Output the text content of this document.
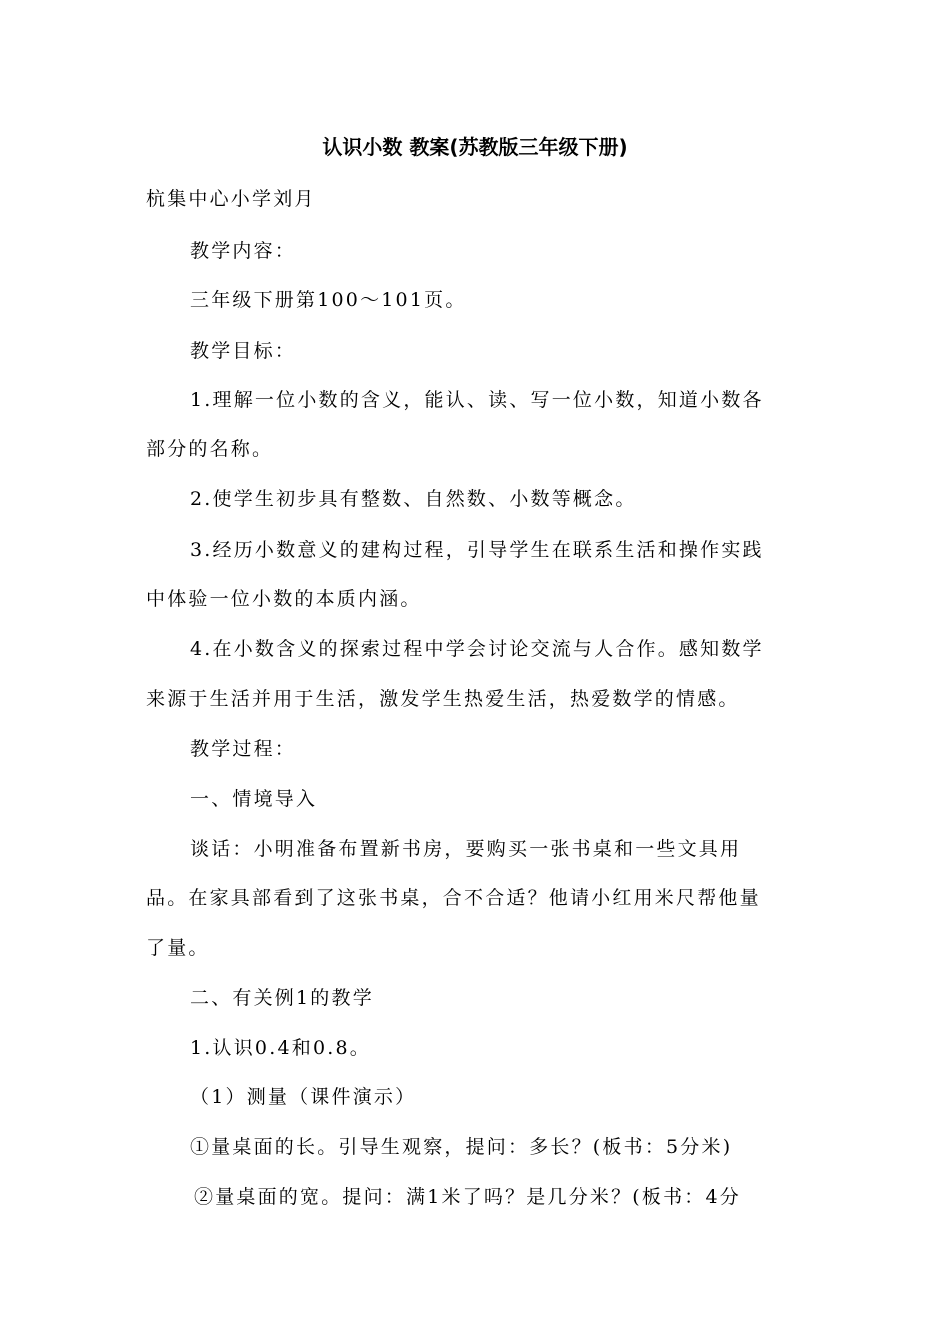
认识小数 教案(苏教版三年级下册)
杭集中心小学刘月
教学内容：
三年级下册第100～101页。
教学目标：
1.理解一位小数的含义，能认、读、写一位小数，知道小数各
部分的名称。
2.使学生初步具有整数、自然数、小数等概念。
3.经历小数意义的建构过程，引导学生在联系生活和操作实践
中体验一位小数的本质内涵。
4.在小数含义的探索过程中学会讨论交流与人合作。感知数学
来源于生活并用于生活，激发学生热爱生活，热爱数学的情感。
教学过程：
一、情境导入
谈话：小明准备布置新书房，要购买一张书桌和一些文具用
品。在家具部看到了这张书桌，合不合适？他请小红用米尺帮他量
了量。
二、有关例1的教学
1.认识0.4和0.8。
（1）测量（课件演示）
①量桌面的长。引导生观察，提问：多长？(板书：5分米)
②量桌面的宽。提问：满1米了吗？是几分米？(板书：4分
